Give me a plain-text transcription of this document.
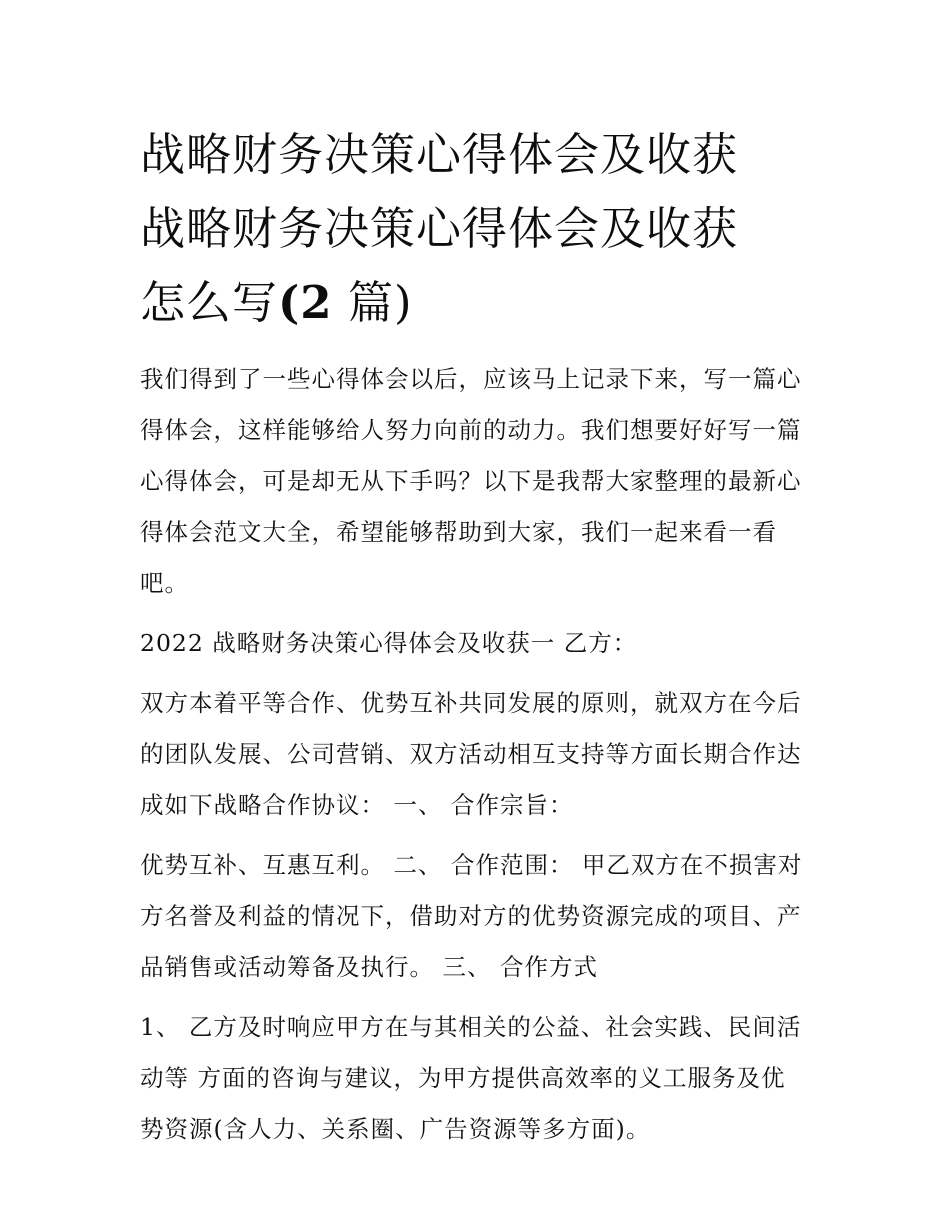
战略财务决策心得体会及收获
战略财务决策心得体会及收获
怎么写(2 篇)

我们得到了一些心得体会以后，应该马上记录下来，写一篇心
得体会，这样能够给人努力向前的动力。我们想要好好写一篇
心得体会，可是却无从下手吗？以下是我帮大家整理的最新心
得体会范文大全，希望能够帮助到大家，我们一起来看一看
吧。

2022 战略财务决策心得体会及收获一 乙方：

双方本着平等合作、优势互补共同发展的原则，就双方在今后
的团队发展、公司营销、双方活动相互支持等方面长期合作达
成如下战略合作协议： 一、 合作宗旨：

优势互补、互惠互利。 二、 合作范围： 甲乙双方在不损害对
方名誉及利益的情况下，借助对方的优势资源完成的项目、产
品销售或活动筹备及执行。 三、 合作方式

1、 乙方及时响应甲方在与其相关的公益、社会实践、民间活
动等 方面的咨询与建议，为甲方提供高效率的义工服务及优
势资源(含人力、关系圈、广告资源等多方面)。
